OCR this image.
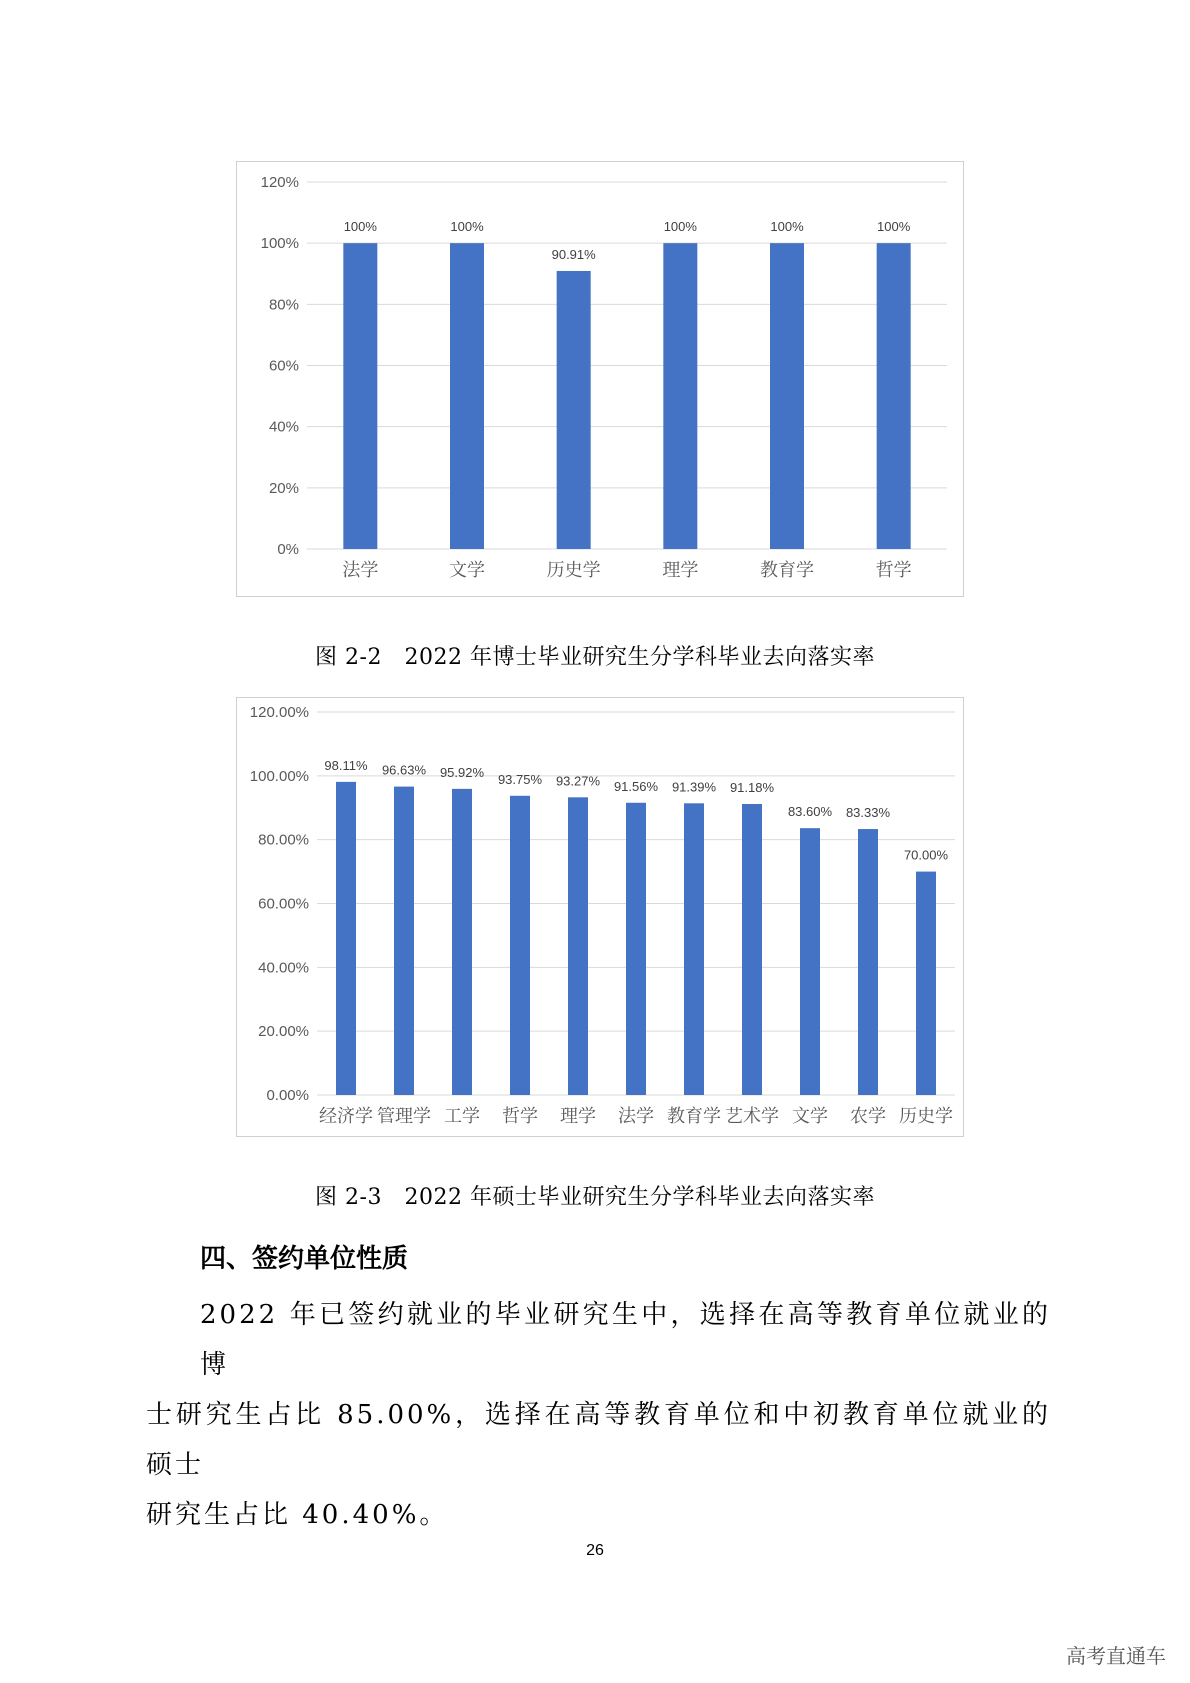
0%
20%
40%
60%
80%
100%
120%
100%
法学
100%
文学
90.91%
历史学
100%
理学
100%
教育学
100%
哲学
图 2-2　2022 年博士毕业研究生分学科毕业去向落实率
0.00%
20.00%
40.00%
60.00%
80.00%
100.00%
120.00%
98.11%
经济学
96.63%
管理学
95.92%
工学
93.75%
哲学
93.27%
理学
91.56%
法学
91.39%
教育学
91.18%
艺术学
83.60%
文学
83.33%
农学
70.00%
历史学
图 2-3　2022 年硕士毕业研究生分学科毕业去向落实率
四、签约单位性质
2022 年已签约就业的毕业研究生中，选择在高等教育单位就业的博
士研究生占比 85.00%，选择在高等教育单位和中初教育单位就业的硕士
研究生占比 40.40%。
26
高考直通车
